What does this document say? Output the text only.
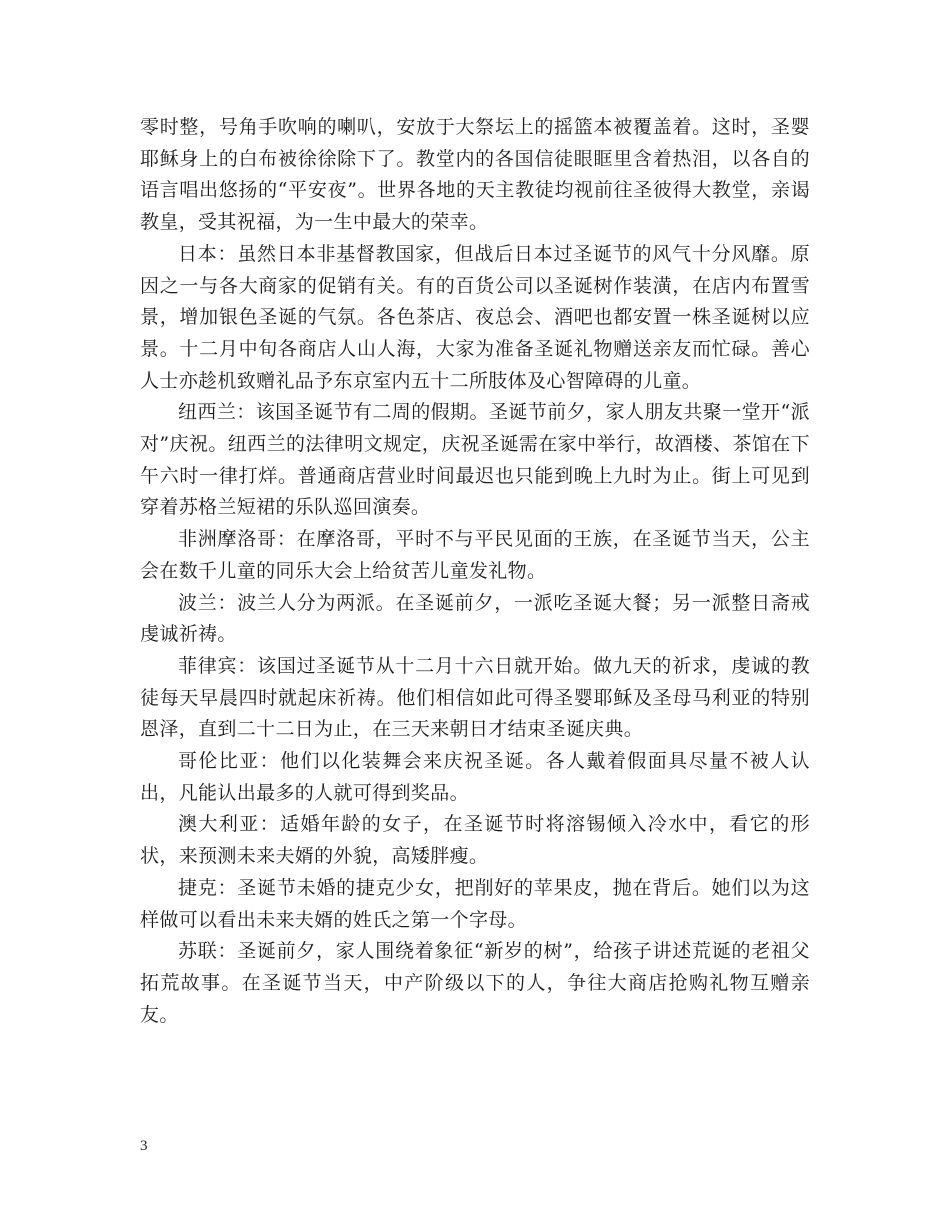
零时整，号角手吹响的喇叭，安放于大祭坛上的摇篮本被覆盖着。这时，圣婴耶稣身上的白布被徐徐除下了。教堂内的各国信徒眼眶里含着热泪，以各自的语言唱出悠扬的“平安夜”。世界各地的天主教徒均视前往圣彼得大教堂，亲谒教皇，受其祝福，为一生中最大的荣幸。

日本：虽然日本非基督教国家，但战后日本过圣诞节的风气十分风靡。原因之一与各大商家的促销有关。有的百货公司以圣诞树作装潢，在店内布置雪景，增加银色圣诞的气氛。各色茶店、夜总会、酒吧也都安置一株圣诞树以应景。十二月中旬各商店人山人海，大家为准备圣诞礼物赠送亲友而忙碌。善心人士亦趁机致赠礼品予东京室内五十二所肢体及心智障碍的儿童。

纽西兰：该国圣诞节有二周的假期。圣诞节前夕，家人朋友共聚一堂开“派对”庆祝。纽西兰的法律明文规定，庆祝圣诞需在家中举行，故酒楼、茶馆在下午六时一律打烊。普通商店营业时间最迟也只能到晚上九时为止。街上可见到穿着苏格兰短裙的乐队巡回演奏。

非洲摩洛哥：在摩洛哥，平时不与平民见面的王族，在圣诞节当天，公主会在数千儿童的同乐大会上给贫苦儿童发礼物。

波兰：波兰人分为两派。在圣诞前夕，一派吃圣诞大餐；另一派整日斋戒虔诚祈祷。

菲律宾：该国过圣诞节从十二月十六日就开始。做九天的祈求，虔诚的教徒每天早晨四时就起床祈祷。他们相信如此可得圣婴耶稣及圣母马利亚的特别恩泽，直到二十二日为止，在三天来朝日才结束圣诞庆典。

哥伦比亚：他们以化装舞会来庆祝圣诞。各人戴着假面具尽量不被人认出，凡能认出最多的人就可得到奖品。

澳大利亚：适婚年龄的女子，在圣诞节时将溶锡倾入冷水中，看它的形状，来预测未来夫婿的外貌，高矮胖瘦。

捷克：圣诞节未婚的捷克少女，把削好的苹果皮，抛在背后。她们以为这样做可以看出未来夫婿的姓氏之第一个字母。

苏联：圣诞前夕，家人围绕着象征“新岁的树”，给孩子讲述荒诞的老祖父拓荒故事。在圣诞节当天，中产阶级以下的人，争往大商店抢购礼物互赠亲友。

3
